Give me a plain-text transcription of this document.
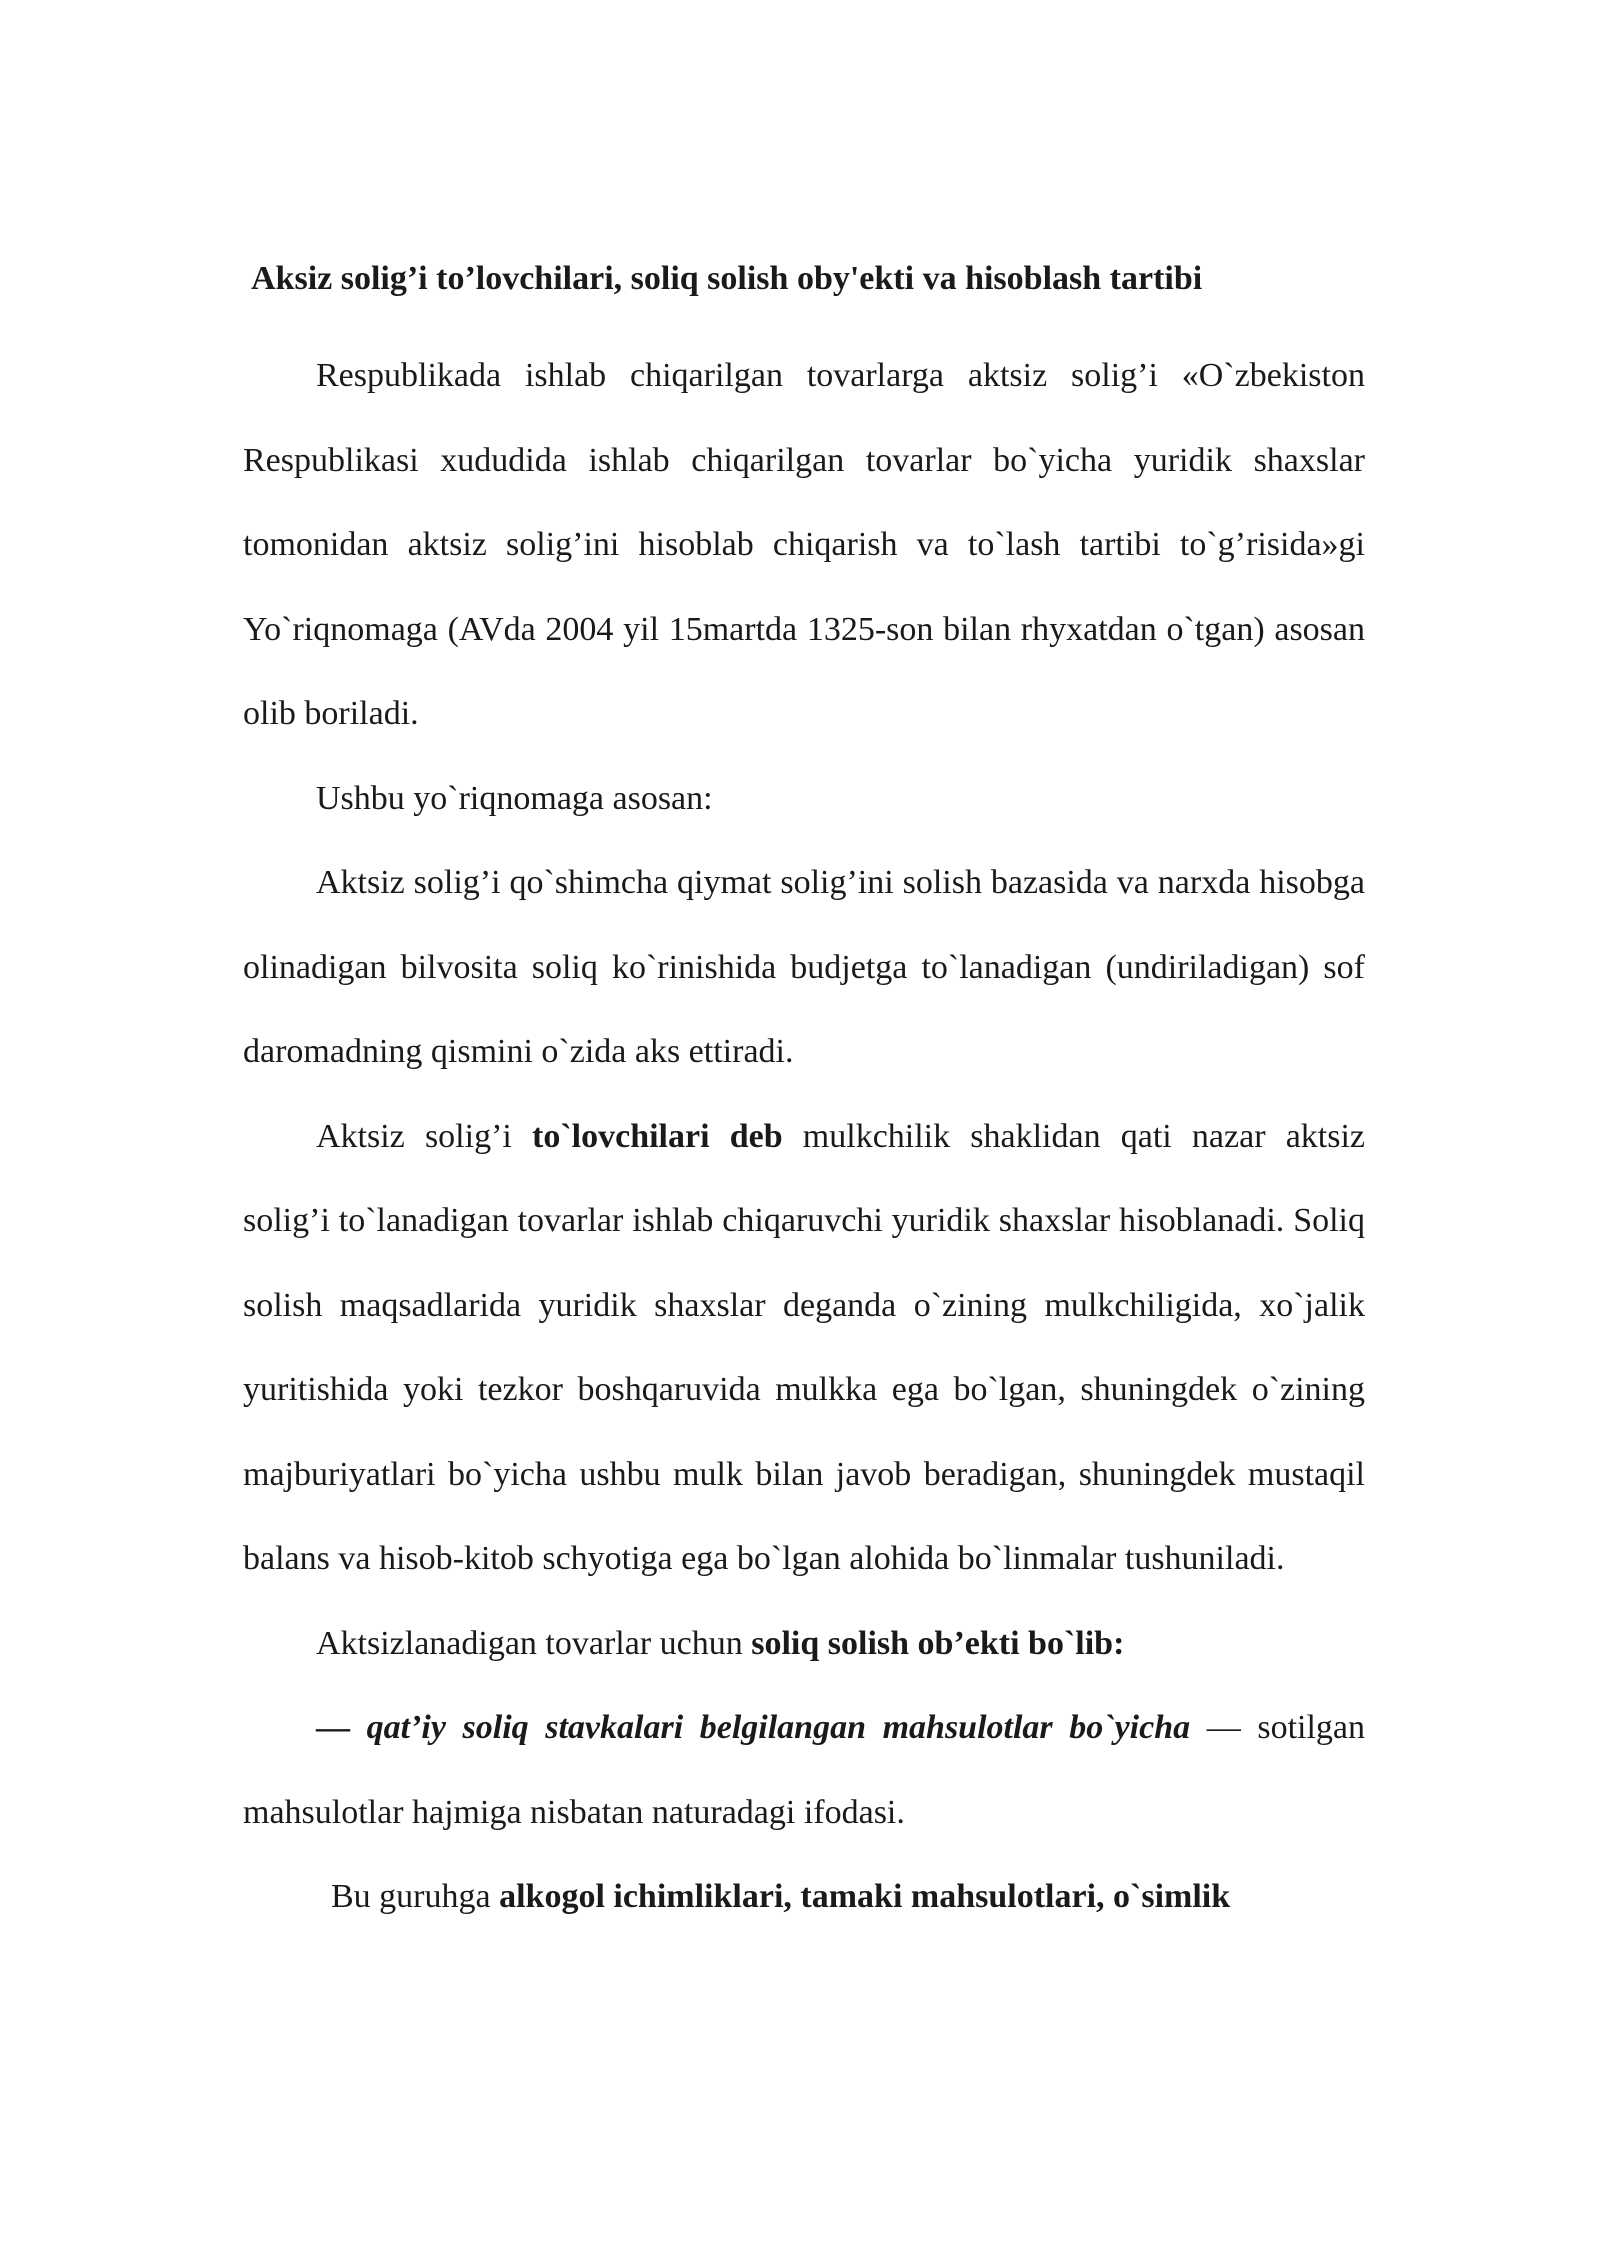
Aksiz solig’i to’lovchilari, soliq solish oby'ekti va hisoblash tartibi

Respublikada ishlab chiqarilgan tovarlarga aktsiz solig’i «O`zbekiston Respublikasi xududida ishlab chiqarilgan tovarlar bo`yicha yuridik shaxslar tomonidan aktsiz solig’ini hisoblab chiqarish va to`lash tartibi to`g’risida»gi Yo`riqnomaga (AVda 2004 yil 15martda 1325-son bilan rhyxatdan o`tgan) asosan olib boriladi.

Ushbu yo`riqnomaga asosan:

Aktsiz solig’i qo`shimcha qiymat solig’ini solish bazasida va narxda hisobga olinadigan bilvosita soliq ko`rinishida budjetga to`lanadigan (undiriladigan) sof daromadning qismini o`zida aks ettiradi.

Aktsiz solig’i to`lovchilari deb mulkchilik shaklidan qati nazar aktsiz solig’i to`lanadigan tovarlar ishlab chiqaruvchi yuridik shaxslar hisoblanadi. Soliq solish maqsadlarida yuridik shaxslar deganda o`zining mulkchiligida, xo`jalik yuritishida yoki tezkor boshqaruvida mulkka ega bo`lgan, shuningdek o`zining majburiyatlari bo`yicha ushbu mulk bilan javob beradigan, shuningdek mustaqil balans va hisob-kitob schyotiga ega bo`lgan alohida bo`linmalar tushuniladi.

Aktsizlanadigan tovarlar uchun soliq solish ob’ekti bo`lib:

— qat’iy soliq stavkalari belgilangan mahsulotlar bo`yicha — sotilgan mahsulotlar hajmiga nisbatan naturadagi ifodasi.

Bu guruhga alkogol ichimliklari, tamaki mahsulotlari, o`simlik
